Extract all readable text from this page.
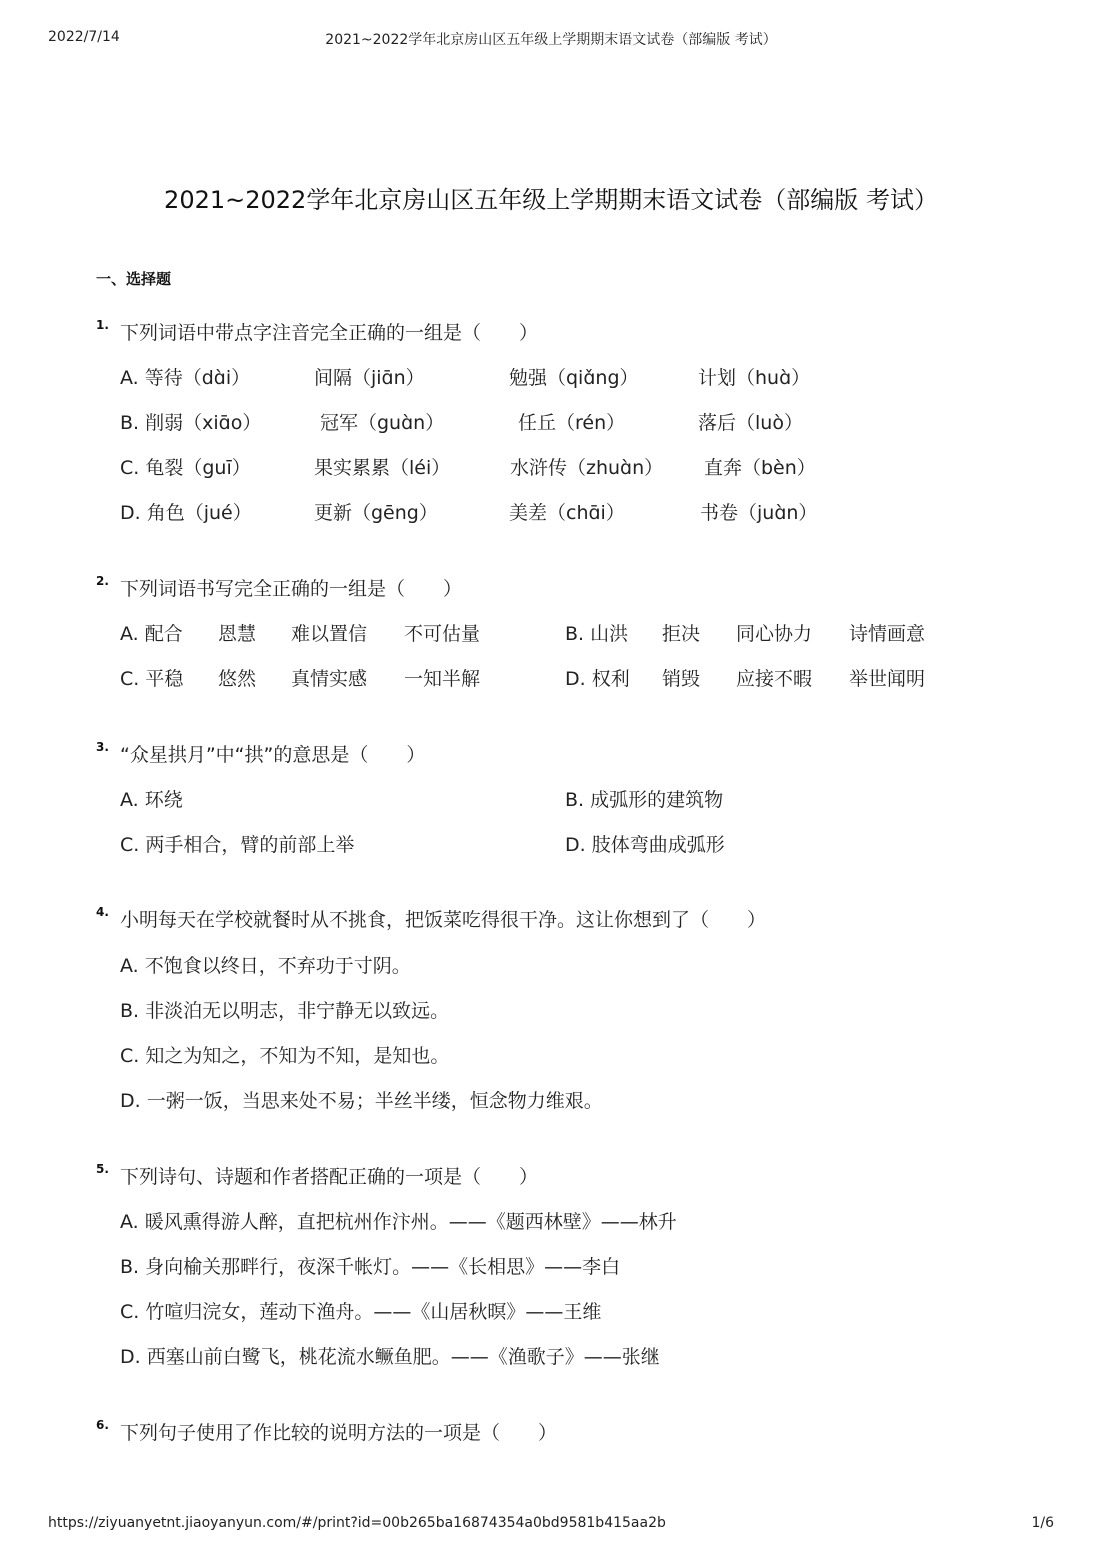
2022/7/14	2021~2022学年北京房山区五年级上学期期末语文试卷（部编版 考试）
2021~2022学年北京房山区五年级上学期期末语文试卷（部编版 考试）
一、选择题
1. 下列词语中带点字注音完全正确的一组是（　　）
A. 等待（dɑ̀i）	间隔（jiɑ̄n）	勉强（qiɑ̌ng）	计划（huɑ̀）
B. 削弱（xiɑ̄o）	冠军（guɑ̀n）	任丘（rén）	落后（luò）
C. 龟裂（guī）	果实累累（léi）	水浒传（zhuɑ̀n） 直奔（bèn）
D. 角色（jué）	更新（gēng）	美差（chɑ̄i）	书卷（juɑ̀n）
2. 下列词语书写完全正确的一组是（　　）
A. 配合 恩慧 难以置信 不可估量	B. 山洪 拒决 同心协力 诗情画意
C. 平稳 悠然 真情实感 一知半解	D. 权利 销毁 应接不暇 举世闻明
3. “众星拱月”中“拱”的意思是（　　）
A. 环绕	B. 成弧形的建筑物
C. 两手相合，臂的前部上举	D. 肢体弯曲成弧形
4. 小明每天在学校就餐时从不挑食，把饭菜吃得很干净。这让你想到了（　　）
A. 不饱食以终日，不弃功于寸阴。
B. 非淡泊无以明志，非宁静无以致远。
C. 知之为知之，不知为不知，是知也。
D. 一粥一饭，当思来处不易；半丝半缕，恒念物力维艰。
5. 下列诗句、诗题和作者搭配正确的一项是（　　）
A. 暖风熏得游人醉，直把杭州作汴州。——《题西林壁》——林升
B. 身向榆关那畔行，夜深千帐灯。——《长相思》——李白
C. 竹喧归浣女，莲动下渔舟。——《山居秋暝》——王维
D. 西塞山前白鹭飞，桃花流水鳜鱼肥。——《渔歌子》——张继
6. 下列句子使用了作比较的说明方法的一项是（　　）
https://ziyuanyetnt.jiaoyanyun.com/#/print?id=00b265ba16874354a0bd9581b415aa2b	1/6
